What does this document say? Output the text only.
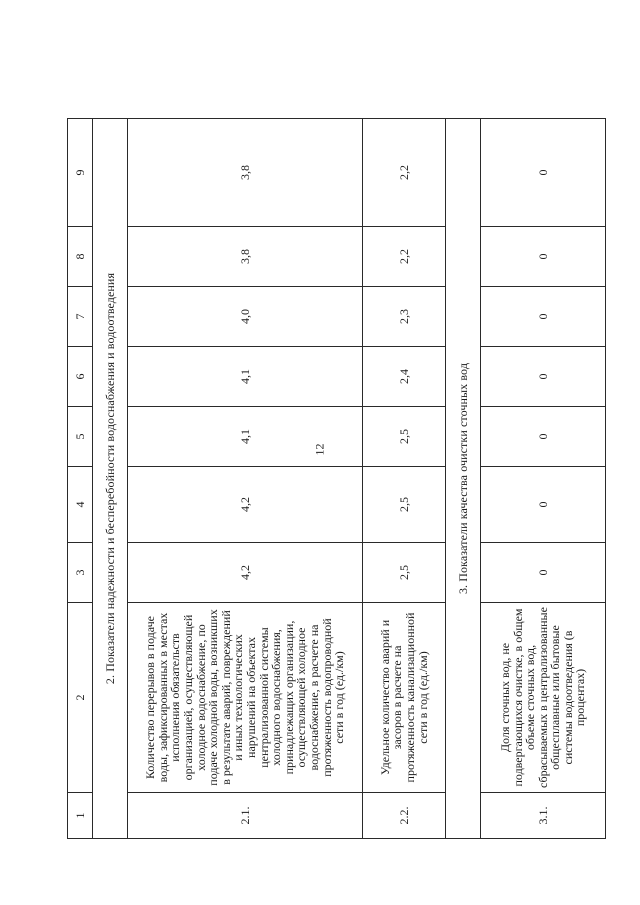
12
1	2	3	4	5	6	7	8	9
2. Показатели надежности и бесперебойности водоснабжения и водоотведения								
2.1.	Количество перерывов в подаче воды, зафиксированных в местах исполнения обязательств организацией, осуществляющей холодное водоснабжение, по подаче холодной воды, возникших в результате аварий, повреждений и иных технологических нарушений на объектах централизованной системы холодного водоснабжения, принадлежащих организации, осуществляющей холодное водоснабжение, в расчете на протяженность водопроводной сети в год (ед./км)	4,2	4,2	4,1	4,1	4,0	3,8	3,8
2.2.	Удельное количество аварий и засоров в расчете на протяженность канализационной сети в год (ед./км)	2,5	2,5	2,5	2,4	2,3	2,2	2,2
3. Показатели качества очистки сточных вод								
3.1.	Доля сточных вод, не подвергающихся очистке, в общем объеме сточных вод, сбрасываемых в централизованные общесплавные или бытовые системы водоотведения (в процентах)	0	0	0	0	0	0	0
